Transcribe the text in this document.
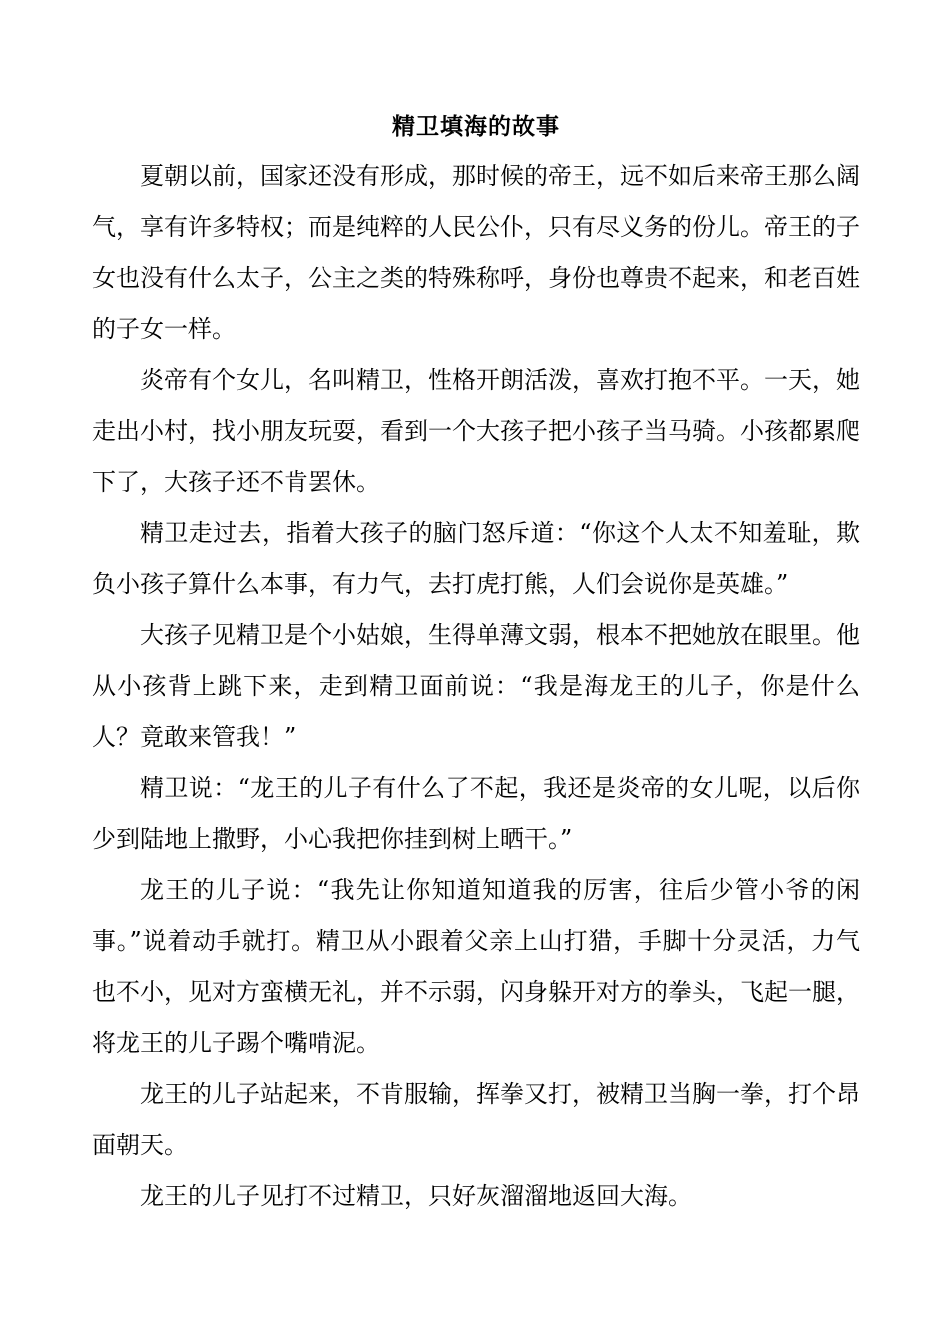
精卫填海的故事

夏朝以前，国家还没有形成，那时候的帝王，远不如后来帝王那么阔气，享有许多特权；而是纯粹的人民公仆，只有尽义务的份儿。帝王的子女也没有什么太子，公主之类的特殊称呼，身份也尊贵不起来，和老百姓的子女一样。

炎帝有个女儿，名叫精卫，性格开朗活泼，喜欢打抱不平。一天，她走出小村，找小朋友玩耍，看到一个大孩子把小孩子当马骑。小孩都累爬下了，大孩子还不肯罢休。

精卫走过去，指着大孩子的脑门怒斥道：“你这个人太不知羞耻，欺负小孩子算什么本事，有力气，去打虎打熊，人们会说你是英雄。”

大孩子见精卫是个小姑娘，生得单薄文弱，根本不把她放在眼里。他从小孩背上跳下来，走到精卫面前说：“我是海龙王的儿子，你是什么人？竟敢来管我！”

精卫说：“龙王的儿子有什么了不起，我还是炎帝的女儿呢，以后你少到陆地上撒野，小心我把你挂到树上晒干。”

龙王的儿子说：“我先让你知道知道我的厉害，往后少管小爷的闲事。”说着动手就打。精卫从小跟着父亲上山打猎，手脚十分灵活，力气也不小，见对方蛮横无礼，并不示弱，闪身躲开对方的拳头，飞起一腿，将龙王的儿子踢个嘴啃泥。

龙王的儿子站起来，不肯服输，挥拳又打，被精卫当胸一拳，打个昂面朝天。

龙王的儿子见打不过精卫，只好灰溜溜地返回大海。
